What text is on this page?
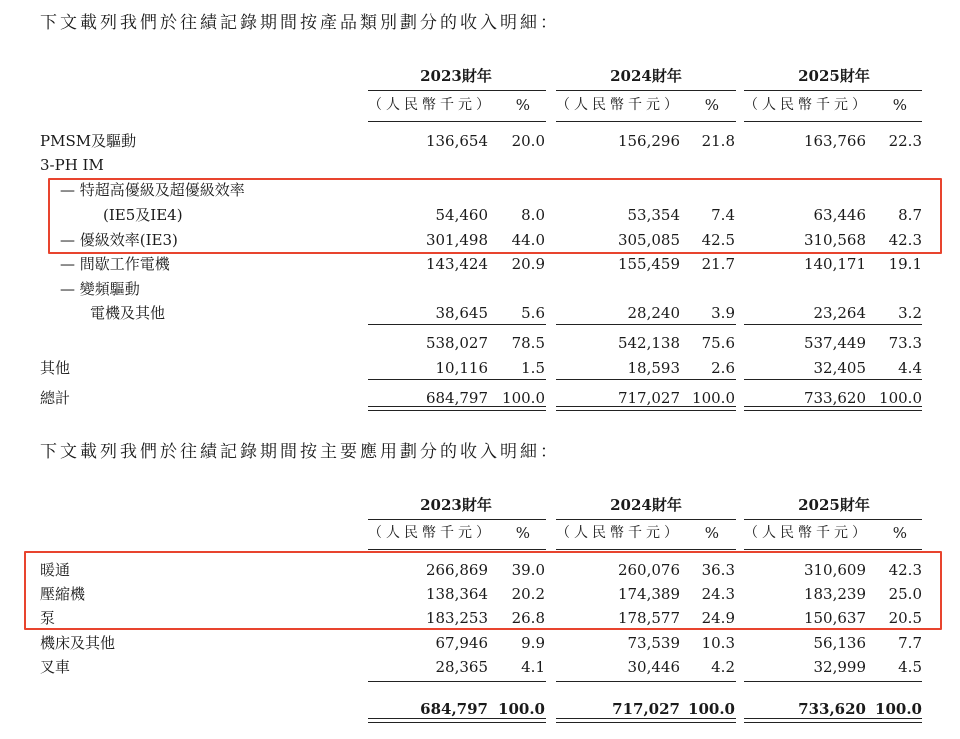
下文載列我們於往績記錄期間按產品類別劃分的收入明細：
2023財年
（人民幣千元）	%
2024財年
（人民幣千元）	%
2025財年
（人民幣千元）	%
PMSM及驅動	136,654	20.0	156,296	21.8	163,766	22.3
3-PH IM
— 特超高優級及超優級效率
(IE5及IE4)	54,460	8.0	53,354	7.4	63,446	8.7
— 優級效率(IE3)	301,498	44.0	305,085	42.5	310,568	42.3
— 間歇工作電機	143,424	20.9	155,459	21.7	140,171	19.1
— 變頻驅動
電機及其他	38,645	5.6	28,240	3.9	23,264	3.2
538,027	78.5	542,138	75.6	537,449	73.3
其他	10,116	1.5	18,593	2.6	32,405	4.4
總計	684,797 100.0	717,027 100.0	733,620 100.0
下文載列我們於往績記錄期間按主要應用劃分的收入明細：
2023財年
（人民幣千元）	%
2024財年
（人民幣千元）	%
2025財年
（人民幣千元）	%
暖通	266,869	39.0	260,076	36.3	310,609	42.3
壓縮機	138,364	20.2	174,389	24.3	183,239	25.0
泵	183,253	26.8	178,577	24.9	150,637	20.5
機床及其他	67,946	9.9	73,539	10.3	56,136	7.7
叉車	28,365	4.1	30,446	4.2	32,999	4.5
684,797 100.0	717,027 100.0	733,620 100.0
